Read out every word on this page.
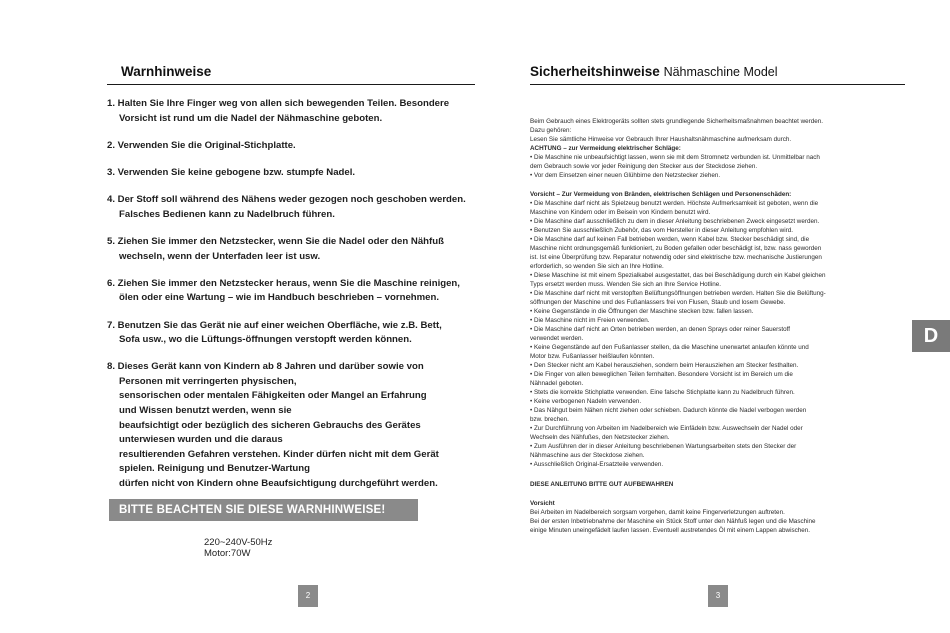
Warnhinweise
1. Halten Sie Ihre Finger weg von allen sich bewegenden Teilen. Besondere
Vorsicht ist rund um die Nadel der Nähmaschine geboten.
2. Verwenden Sie die Original-Stichplatte.
3. Verwenden Sie keine gebogene bzw. stumpfe Nadel.
4. Der Stoff soll während des Nähens weder gezogen noch geschoben werden.
Falsches Bedienen kann zu Nadelbruch führen.
5. Ziehen Sie immer den Netzstecker, wenn Sie die Nadel oder den Nähfuß
wechseln, wenn der Unterfaden leer ist usw.
6. Ziehen Sie immer den Netzstecker heraus, wenn Sie die Maschine reinigen,
ölen oder eine Wartung – wie im Handbuch beschrieben – vornehmen.
7. Benutzen Sie das Gerät nie auf einer weichen Oberfläche, wie z.B. Bett,
Sofa usw., wo die Lüftungs-öffnungen verstopft werden können.
8. Dieses Gerät kann von Kindern ab 8 Jahren und darüber sowie von
Personen mit verringerten physischen,
sensorischen oder mentalen Fähigkeiten oder Mangel an Erfahrung
und Wissen benutzt werden, wenn sie
beaufsichtigt oder bezüglich des sicheren Gebrauchs des Gerätes
unterwiesen wurden und die daraus
resultierenden Gefahren verstehen. Kinder dürfen nicht mit dem Gerät
spielen. Reinigung und Benutzer-Wartung
dürfen nicht von Kindern ohne Beaufsichtigung durchgeführt werden.
BITTE BEACHTEN SIE DIESE WARNHINWEISE!
220~240V-50Hz
Motor:70W
2
Sicherheitshinweise Nähmaschine Model
Beim Gebrauch eines Elektrogeräts sollten stets grundlegende Sicherheitsmaßnahmen beachtet werden.
Dazu gehören:
Lesen Sie sämtliche Hinweise vor Gebrauch Ihrer Haushaltsnähmaschine aufmerksam durch.
ACHTUNG – zur Vermeidung elektrischer Schläge:
• Die Maschine nie unbeaufsichtigt lassen, wenn sie mit dem Stromnetz verbunden ist. Unmittelbar nach
dem Gebrauch sowie vor jeder Reinigung den Stecker aus der Steckdose ziehen.
• Vor dem Einsetzen einer neuen Glühbirne den Netzstecker ziehen.
Vorsicht – Zur Vermeidung von Bränden, elektrischen Schlägen und Personenschäden:
• Die Maschine darf nicht als Spielzeug benutzt werden. Höchste Aufmerksamkeit ist geboten, wenn die
Maschine von Kindern oder im Beisein von Kindern benutzt wird.
• Die Maschine darf ausschließlich zu dem in dieser Anleitung beschriebenen Zweck eingesetzt werden.
• Benutzen Sie ausschließlich Zubehör, das vom Hersteller in dieser Anleitung empfohlen wird.
• Die Maschine darf auf keinen Fall betrieben werden, wenn Kabel bzw. Stecker beschädigt sind, die
Maschine nicht ordnungsgemäß funktioniert, zu Boden gefallen oder beschädigt ist, bzw. nass geworden
ist. Ist eine Überprüfung bzw. Reparatur notwendig oder sind elektrische bzw. mechanische Justierungen
erforderlich, so wenden Sie sich an Ihre Hotline.
• Diese Maschine ist mit einem Spezialkabel ausgestattet, das bei Beschädigung durch ein Kabel gleichen
Typs ersetzt werden muss. Wenden Sie sich an Ihre Service Hotline.
• Die Maschine darf nicht mit verstopften Belüftungsöffnungen betrieben werden. Halten Sie die Belüftung-
söffnungen der Maschine und des Fußanlassers frei von Flusen, Staub und losem Gewebe.
• Keine Gegenstände in die Öffnungen der Maschine stecken bzw. fallen lassen.
• Die Maschine nicht im Freien verwenden.
• Die Maschine darf nicht an Orten betrieben werden, an denen Sprays oder reiner Sauerstoff
verwendet werden.
• Keine Gegenstände auf den Fußanlasser stellen, da die Maschine unerwartet anlaufen könnte und
Motor bzw. Fußanlasser heißlaufen könnten.
• Den Stecker nicht am Kabel herausziehen, sondern beim Herausziehen am Stecker festhalten.
• Die Finger von allen beweglichen Teilen fernhalten. Besondere Vorsicht ist im Bereich um die
Nähnadel geboten.
• Stets die korrekte Stichplatte verwenden. Eine falsche Stichplatte kann zu Nadelbruch führen.
• Keine verbogenen Nadeln verwenden.
• Das Nähgut beim Nähen nicht ziehen oder schieben. Dadurch könnte die Nadel verbogen werden
bzw. brechen.
• Zur Durchführung von Arbeiten im Nadelbereich wie Einfädeln bzw. Auswechseln der Nadel oder
Wechseln des Nähfußes, den Netzstecker ziehen.
• Zum Ausführen der in dieser Anleitung beschriebenen Wartungsarbeiten stets den Stecker der
Nähmaschine aus der Steckdose ziehen.
• Ausschließlich Original-Ersatzteile verwenden.
DIESE ANLEITUNG BITTE GUT AUFBEWAHREN
Vorsicht
Bei Arbeiten im Nadelbereich sorgsam vorgehen, damit keine Fingerverletzungen auftreten.
Bei der ersten Inbetriebnahme der Maschine ein Stück Stoff unter den Nähfuß legen und die Maschine
einige Minuten uneingefädelt laufen lassen. Eventuell austretendes Öl mit einem Lappen abwischen.
3
D
